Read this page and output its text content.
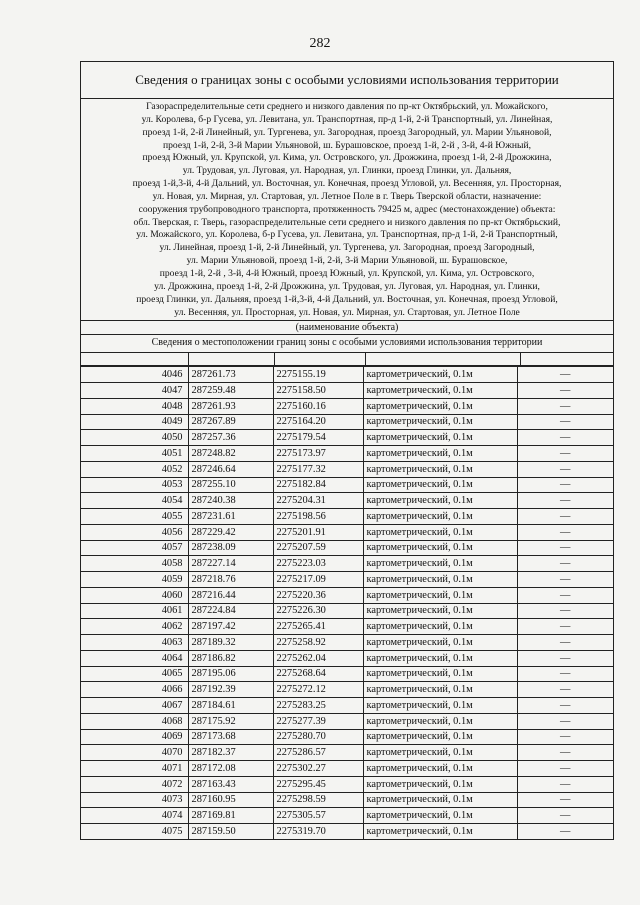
282
Сведения о границах зоны с особыми условиями использования территории
Газораспределительные сети среднего и низкого давления по пр-кт Октябрьский, ул. Можайского,
ул. Королева, б-р Гусева, ул. Левитана, ул. Транспортная, пр-д 1-й, 2-й Транспортный, ул. Линейная,
проезд 1-й, 2-й Линейный, ул. Тургенева, ул. Загородная, проезд Загородный, ул. Марии Ульяновой,
проезд 1-й, 2-й, 3-й Марии Ульяновой, ш. Бурашовское, проезд 1-й, 2-й , 3-й, 4-й Южный,
проезд Южный, ул. Крупской, ул. Кима, ул. Островского, ул. Дрожжина, проезд 1-й, 2-й Дрожжина,
ул. Трудовая, ул. Луговая, ул. Народная, ул. Глинки, проезд Глинки, ул. Дальняя,
проезд 1-й,3-й, 4-й Дальний, ул. Восточная, ул. Конечная, проезд Угловой, ул. Весенняя, ул. Просторная,
ул. Новая, ул. Мирная, ул. Стартовая, ул. Летное Поле в г. Тверь Тверской области, назначение:
сооружения трубопроводного транспорта, протяженность 79425 м, адрес (местонахождение) объекта:
обл. Тверская, г. Тверь, газораспределительные сети среднего и низкого давления по пр-кт Октябрьский,
ул. Можайского, ул. Королева, б-р Гусева, ул. Левитана, ул. Транспортная, пр-д 1-й, 2-й Транспортный,
ул. Линейная, проезд 1-й, 2-й Линейный, ул. Тургенева, ул. Загородная, проезд Загородный,
ул. Марии Ульяновой, проезд 1-й, 2-й, 3-й Марии Ульяновой, ш. Бурашовское,
проезд 1-й, 2-й , 3-й, 4-й Южный, проезд Южный, ул. Крупской, ул. Кима, ул. Островского,
ул. Дрожжина, проезд 1-й, 2-й Дрожжина, ул. Трудовая, ул. Луговая, ул. Народная, ул. Глинки,
проезд Глинки, ул. Дальняя, проезд 1-й,3-й, 4-й Дальний, ул. Восточная, ул. Конечная, проезд Угловой,
ул. Весенняя, ул. Просторная, ул. Новая, ул. Мирная, ул. Стартовая, ул. Летное Поле
(наименование объекта)
Сведения о местоположении границ зоны с особыми условиями использования территории
4046	287261.73	2275155.19	картометрический, 0.1м	—
4047	287259.48	2275158.50	картометрический, 0.1м	—
4048	287261.93	2275160.16	картометрический, 0.1м	—
4049	287267.89	2275164.20	картометрический, 0.1м	—
4050	287257.36	2275179.54	картометрический, 0.1м	—
4051	287248.82	2275173.97	картометрический, 0.1м	—
4052	287246.64	2275177.32	картометрический, 0.1м	—
4053	287255.10	2275182.84	картометрический, 0.1м	—
4054	287240.38	2275204.31	картометрический, 0.1м	—
4055	287231.61	2275198.56	картометрический, 0.1м	—
4056	287229.42	2275201.91	картометрический, 0.1м	—
4057	287238.09	2275207.59	картометрический, 0.1м	—
4058	287227.14	2275223.03	картометрический, 0.1м	—
4059	287218.76	2275217.09	картометрический, 0.1м	—
4060	287216.44	2275220.36	картометрический, 0.1м	—
4061	287224.84	2275226.30	картометрический, 0.1м	—
4062	287197.42	2275265.41	картометрический, 0.1м	—
4063	287189.32	2275258.92	картометрический, 0.1м	—
4064	287186.82	2275262.04	картометрический, 0.1м	—
4065	287195.06	2275268.64	картометрический, 0.1м	—
4066	287192.39	2275272.12	картометрический, 0.1м	—
4067	287184.61	2275283.25	картометрический, 0.1м	—
4068	287175.92	2275277.39	картометрический, 0.1м	—
4069	287173.68	2275280.70	картометрический, 0.1м	—
4070	287182.37	2275286.57	картометрический, 0.1м	—
4071	287172.08	2275302.27	картометрический, 0.1м	—
4072	287163.43	2275295.45	картометрический, 0.1м	—
4073	287160.95	2275298.59	картометрический, 0.1м	—
4074	287169.81	2275305.57	картометрический, 0.1м	—
4075	287159.50	2275319.70	картометрический, 0.1м	—
